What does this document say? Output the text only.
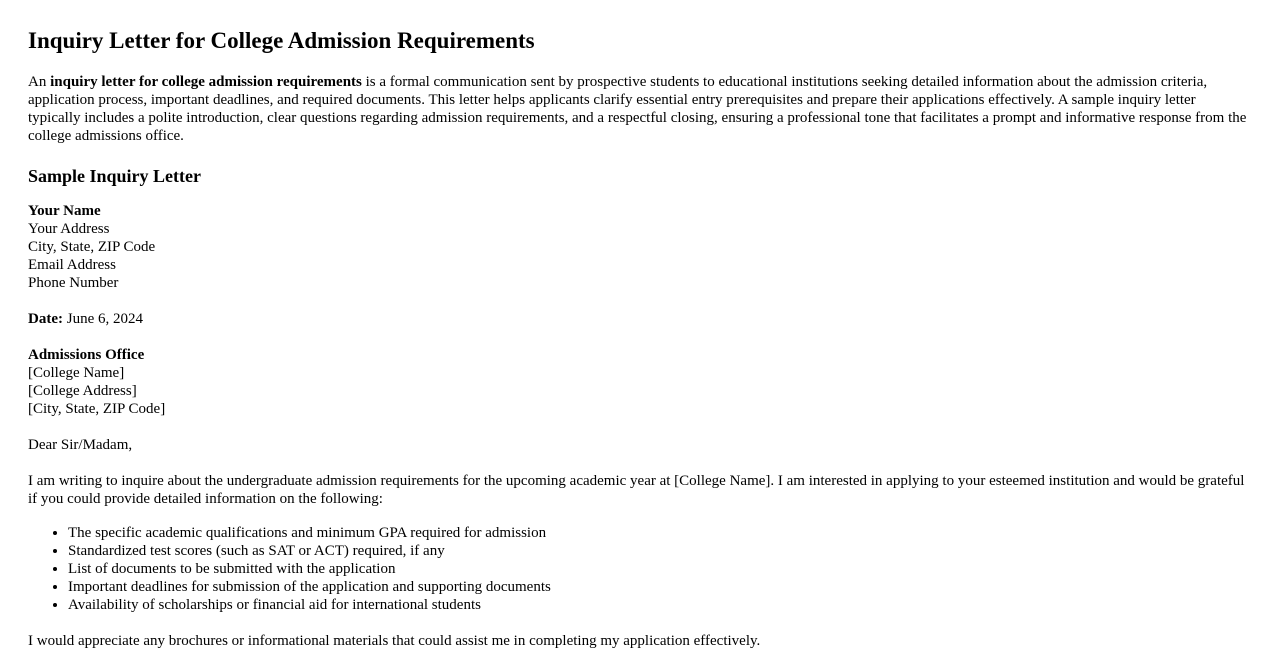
Inquiry Letter for College Admission Requirements

An inquiry letter for college admission requirements is a formal communication sent by prospective students to educational institutions seeking detailed information about the admission criteria, application process, important deadlines, and required documents. This letter helps applicants clarify essential entry prerequisites and prepare their applications effectively. A sample inquiry letter typically includes a polite introduction, clear questions regarding admission requirements, and a respectful closing, ensuring a professional tone that facilitates a prompt and informative response from the college admissions office.

Sample Inquiry Letter
Your Name
Your Address
City, State, ZIP Code
Email Address
Phone Number
Date: June 6, 2024
Admissions Office
[College Name]
[College Address]
[City, State, ZIP Code]

Dear Sir/Madam,

I am writing to inquire about the undergraduate admission requirements for the upcoming academic year at [College Name]. I am interested in applying to your esteemed institution and would be grateful if you could provide detailed information on the following:

• The specific academic qualifications and minimum GPA required for admission
• Standardized test scores (such as SAT or ACT) required, if any
• List of documents to be submitted with the application
• Important deadlines for submission of the application and supporting documents
• Availability of scholarships or financial aid for international students

I would appreciate any brochures or informational materials that could assist me in completing my application effectively.
